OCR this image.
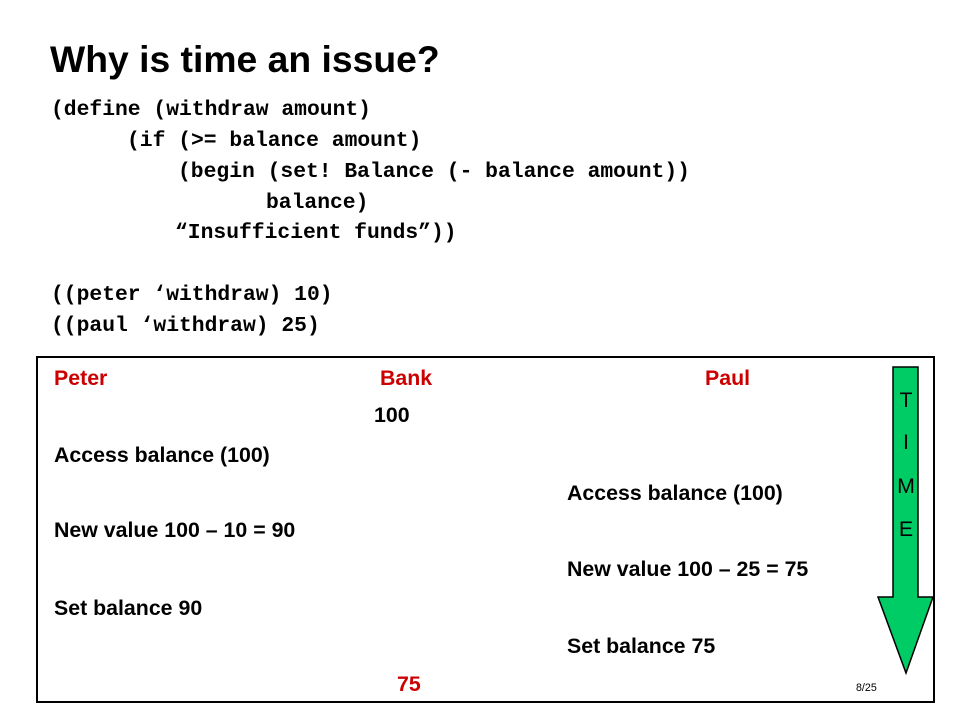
Why is time an issue?
(define (withdraw amount)
(if (>= balance amount)
(begin (set! Balance (- balance amount))
balance)
“Insufficient funds”))
((peter ‘withdraw) 10)
((paul ‘withdraw) 25)
Peter	Bank	Paul
100
Access balance (100)
Access balance (100)
New value 100 – 10 = 90
New value 100 – 25 = 75
Set balance 90
Set balance 75
75
T
I
M
E
8/25
